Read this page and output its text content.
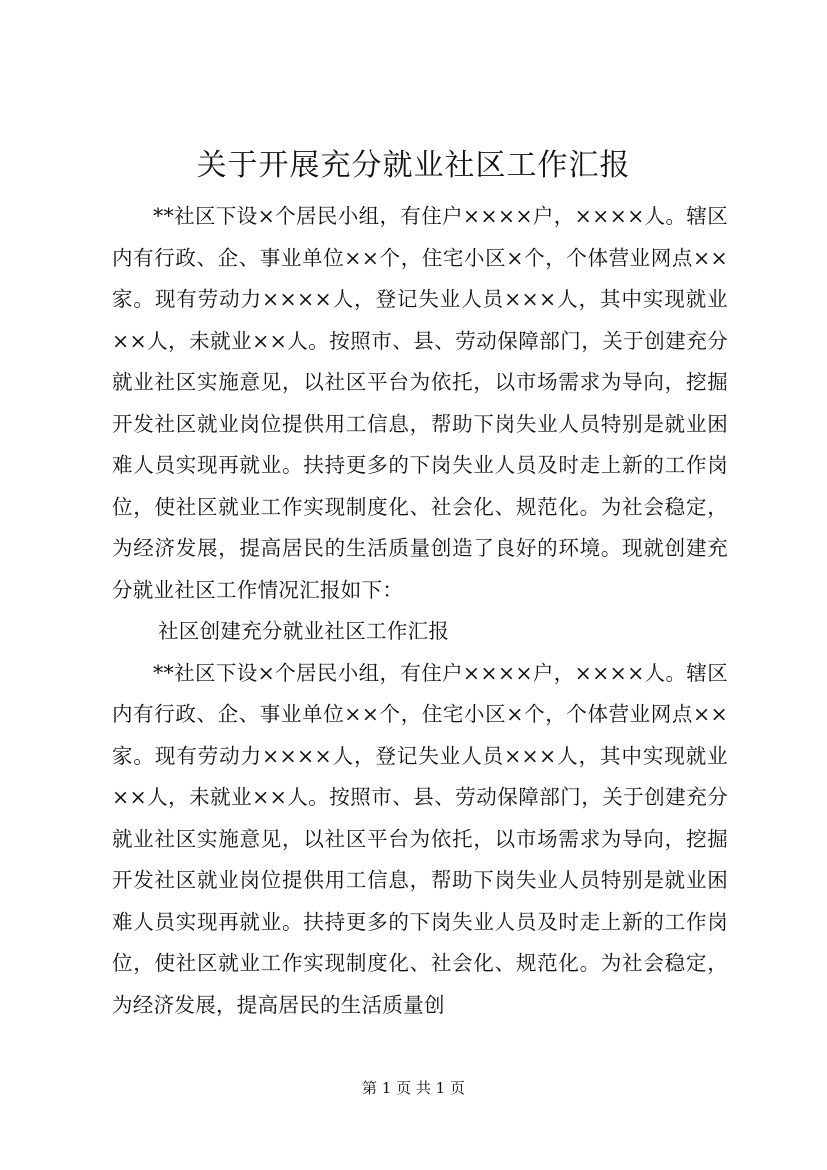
关于开展充分就业社区工作汇报

**社区下设×个居民小组，有住户××××户，××××人。辖区内有行政、企、事业单位××个，住宅小区×个，个体营业网点××家。现有劳动力××××人，登记失业人员×××人，其中实现就业××人，未就业××人。按照市、县、劳动保障部门，关于创建充分就业社区实施意见，以社区平台为依托，以市场需求为导向，挖掘开发社区就业岗位提供用工信息，帮助下岗失业人员特别是就业困难人员实现再就业。扶持更多的下岗失业人员及时走上新的工作岗位，使社区就业工作实现制度化、社会化、规范化。为社会稳定，为经济发展，提高居民的生活质量创造了良好的环境。现就创建充分就业社区工作情况汇报如下：

社区创建充分就业社区工作汇报

**社区下设×个居民小组，有住户××××户，××××人。辖区内有行政、企、事业单位××个，住宅小区×个，个体营业网点××家。现有劳动力××××人，登记失业人员×××人，其中实现就业××人，未就业××人。按照市、县、劳动保障部门，关于创建充分就业社区实施意见，以社区平台为依托，以市场需求为导向，挖掘开发社区就业岗位提供用工信息，帮助下岗失业人员特别是就业困难人员实现再就业。扶持更多的下岗失业人员及时走上新的工作岗位，使社区就业工作实现制度化、社会化、规范化。为社会稳定，为经济发展，提高居民的生活质量创

第 1 页 共 1 页
